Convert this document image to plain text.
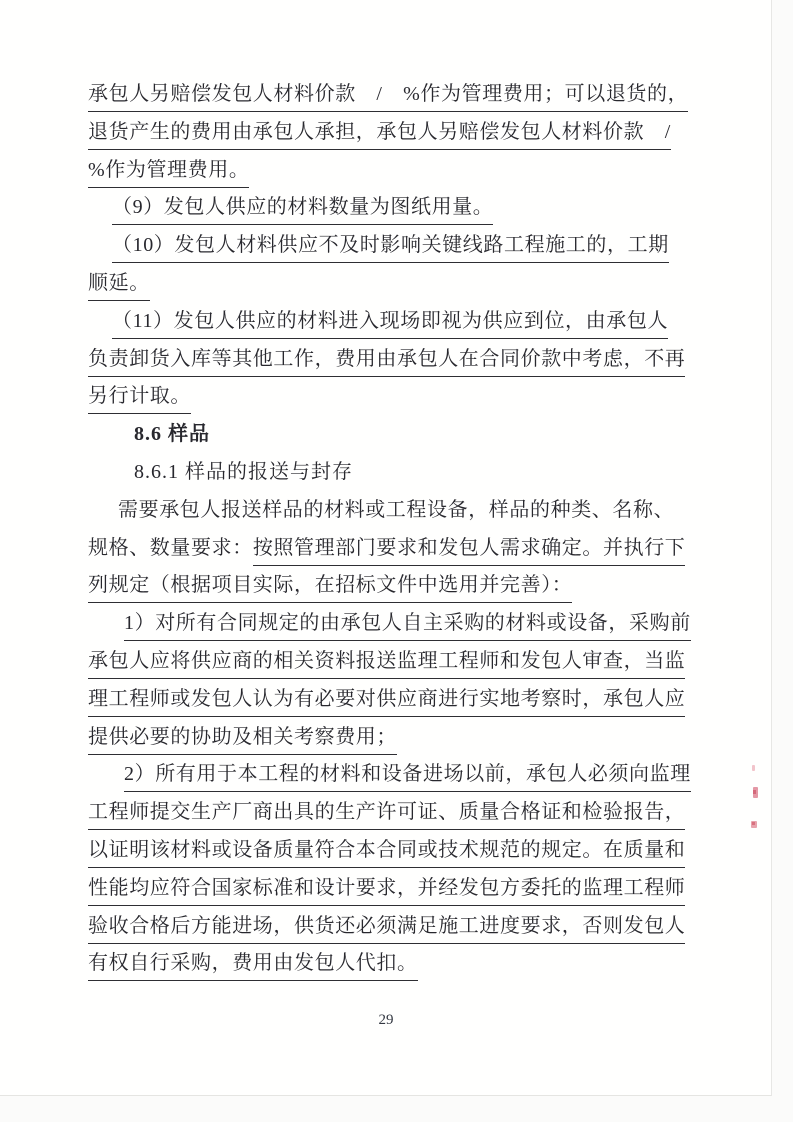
承包人另赔偿发包人材料价款　/　%作为管理费用；可以退货的，
退货产生的费用由承包人承担，承包人另赔偿发包人材料价款　/
%作为管理费用。
（9）发包人供应的材料数量为图纸用量。
（10）发包人材料供应不及时影响关键线路工程施工的，工期
顺延。
（11）发包人供应的材料进入现场即视为供应到位，由承包人
负责卸货入库等其他工作，费用由承包人在合同价款中考虑，不再
另行计取。
8.6 样品
8.6.1 样品的报送与封存
需要承包人报送样品的材料或工程设备，样品的种类、名称、
规格、数量要求：按照管理部门要求和发包人需求确定。并执行下
列规定（根据项目实际，在招标文件中选用并完善）：
1）对所有合同规定的由承包人自主采购的材料或设备，采购前
承包人应将供应商的相关资料报送监理工程师和发包人审查，当监
理工程师或发包人认为有必要对供应商进行实地考察时，承包人应
提供必要的协助及相关考察费用；
2）所有用于本工程的材料和设备进场以前，承包人必须向监理
工程师提交生产厂商出具的生产许可证、质量合格证和检验报告，
以证明该材料或设备质量符合本合同或技术规范的规定。在质量和
性能均应符合国家标准和设计要求，并经发包方委托的监理工程师
验收合格后方能进场，供货还必须满足施工进度要求，否则发包人
有权自行采购，费用由发包人代扣。
29
